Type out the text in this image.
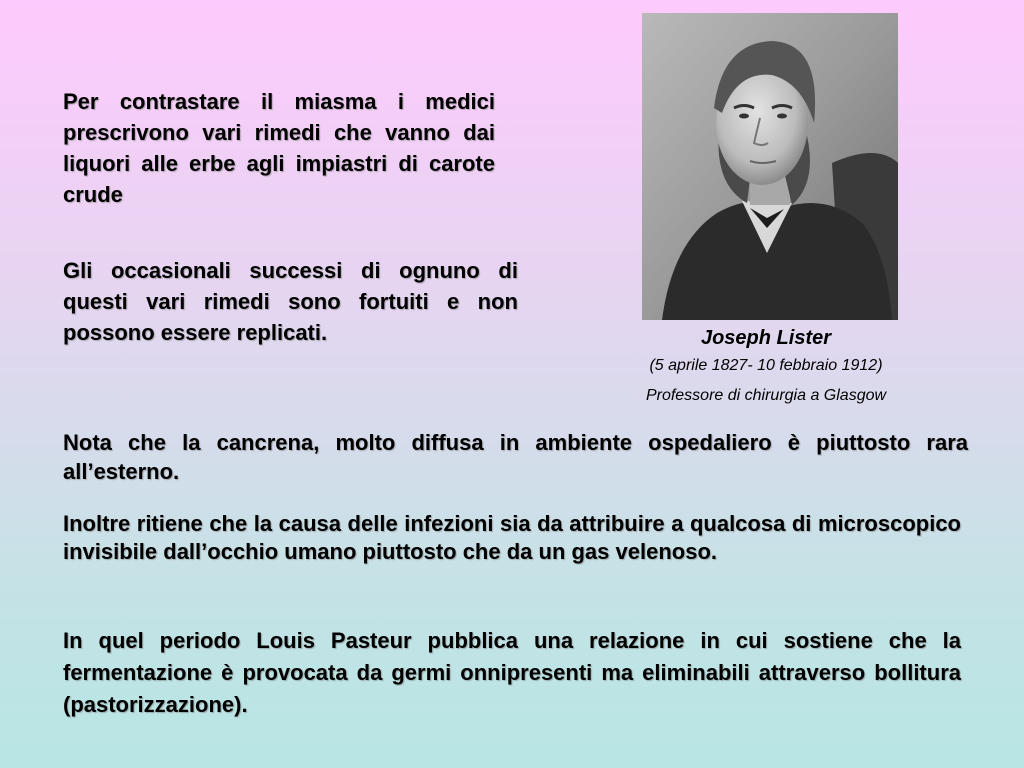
Per contrastare il miasma i medici prescrivono vari rimedi che vanno dai liquori alle erbe agli impiastri di carote crude

Gli occasionali successi di ognuno di questi vari rimedi sono fortuiti e non possono essere replicati.	Joseph Lister
(5 aprile 1827- 10 febbraio 1912)
Professore di chirurgia a Glasgow

Nota che la cancrena, molto diffusa in ambiente ospedaliero è piuttosto rara all’esterno.

Inoltre ritiene che la causa delle infezioni sia da attribuire a qualcosa di microscopico invisibile dall’occhio umano piuttosto che da un gas velenoso.

In quel periodo Louis Pasteur pubblica una relazione in cui sostiene che la fermentazione è provocata da germi onnipresenti ma eliminabili attraverso bollitura (pastorizzazione).
